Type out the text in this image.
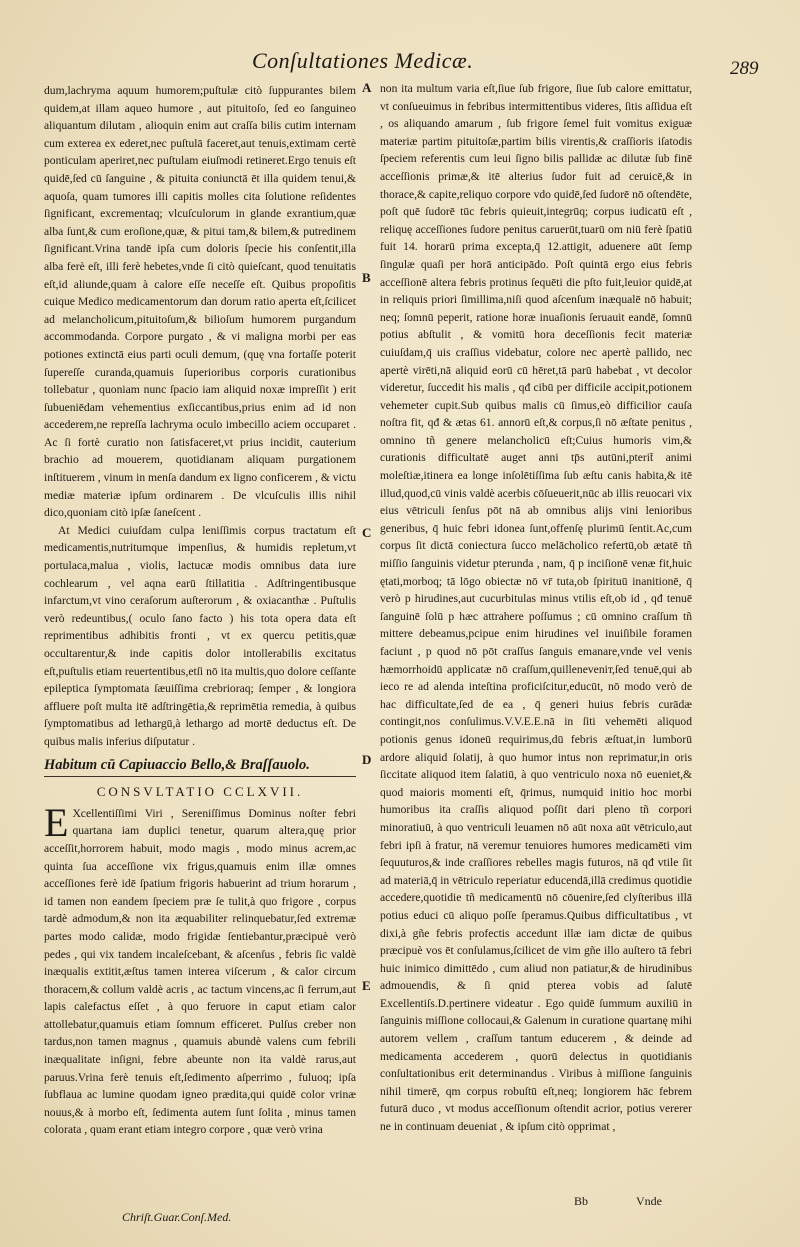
Conſultationes Medicæ.	289

dum,lachryma aquum humorem;puſtulæ citò ſuppurantes bilem quidem,at illam aqueo humore , aut pituitoſo, ſed eo ſanguineo aliquantum dilutam , alioquin enim aut craſſa bilis cutim internam cum exterea ex ederet,nec puſtulā faceret,aut tenuis,extimam certè ponticulam aperiret,nec puſtulam eiuſmodi retineret.Ergo tenuis eſt quidē,ſed cū ſanguine , & pituita coniunctā ēt illa quidem tenui,& aquoſa, quam tumores illi capitis molles cita ſolutione reſidentes ſignificant, excrementaq; vlcuſculorum in glande exrantium,quæ alba ſunt,& cum eroſione,quæ, & pitui tam,& bilem,& putredinem ſignificant.Vrina tandē ipſa cum doloris ſpecie his conſentit,illa alba ferè eſt, illi ferè hebetes,vnde ſi citò quieſcant, quod tenuitatis eſt,id aliunde,quam à calore eſſe neceſſe eſt. Quibus propoſitis cuique Medico medicamentorum dan dorum ratio aperta eſt,ſcilicet ad melancholicum,pituitoſum,& bilioſum humorem purgandum accommodanda. Corpore purgato , & vi maligna morbi per eas potiones extinctā eius parti oculi demum, (quę vna fortaſſe poterit ſupereſſe curanda,quamuis ſuperioribus corporis curationibus tollebatur , quoniam nunc ſpacio iam aliquid noxæ impreſſit ) erit ſubueniēdam vehementius exſiccantibus,prius enim ad id non accederem,ne repreſſa lachryma oculo imbecillo aciem occuparet . Ac ſi fortè curatio non ſatisfaceret,vt prius incidit, cauterium brachio ad mouerem, quotidianam aliquam purgationem inſtituerem , vinum in menſa dandum ex ligno conficerem , & victu mediæ materiæ ipſum ordinarem . De vlcuſculis illis nihil dico,quoniam citò ipſæ ſaneſcent .

At Medici cuiuſdam culpa leniſſimis corpus tractatum eſt medicamentis,nutritumque impenſius, & humidis repletum,vt portulaca,malua , violis, lactucæ modis omnibus data iure cochlearum , vel aqna earū ſtillatitia . Adſtringentibusque infarctum,vt vino ceraſorum auſterorum , & oxiacanthæ . Puſtulis verò redeuntibus,( oculo ſano facto ) his tota opera data eſt reprimentibus adhibitis fronti , vt ex quercu petitis,quæ occultarentur,& inde capitis dolor intollerabilis excitatus eſt,puſtulis etiam reuertentibus,etſi nō ita multis,quo dolore ceſſante epileptica ſymptomata ſæuiſſima crebrioraq; ſemper , & longiora affluere poſt multa itē adſtringētia,& reprimētia remedia, à quibus ſymptomatibus ad lethargū,à lethargo ad mortē deductus eſt. De quibus malis inferius diſputatur .

Habitum cū Capiuaccio Bello,& Braſſauolo.
CONSVLTATIO CCLXVII.

E Xcellentiſſimi Viri , Sereniſſimus Dominus noſter febri quartana iam duplici tenetur, quarum altera,quę prior acceſſit,horrorem habuit, modo magis , modo minus acrem,ac quinta ſua acceſſione vix frigus,quamuis enim illæ omnes acceſſiones ferè idē ſpatium frigoris habuerint ad trium horarum , id tamen non eandem ſpeciem præ ſe tulit,à quo frigore , corpus tardè admodum,& non ita æquabiliter relinquebatur,ſed extremæ partes modo calidæ, modo frigidæ ſentiebantur,præcipuè verò pedes , qui vix tandem incaleſcebant, & aſcenſus , febris ſic valdè inæqualis extitit,æſtus tamen interea viſcerum , & calor circum thoracem,& collum valdè acris , ac tactum vincens,ac ſi ferrum,aut lapis calefactus eſſet , à quo feruore in caput etiam calor attollebatur,quamuis etiam ſomnum efficeret. Pulſus creber non tardus,non tamen magnus , quamuis abundè valens cum febrili inæqualitate inſigni, febre abeunte non ita valdè rarus,aut paruus.Vrina ferè tenuis eſt,ſedimento aſperrimo , fuluoq; ipſa ſubflaua ac lumine quodam igneo prædita,qui quidē color vrinæ nouus,& à morbo eſt, ſedimenta autem ſunt ſolita , minus tamen colorata , quam erant etiam integro corpore , quæ verò vrina

A
B
C
D
E

non ita multum varia eſt,ſiue ſub frigore, ſiue ſub calore emittatur, vt conſueuimus in febribus intermittentibus videres, ſitis aſſidua eſt , os aliquando amarum , ſub frigore ſemel fuit vomitus exiguæ materiæ partim pituitoſæ,partim bilis virentis,& craſſioris iſatodis ſpeciem referentis cum leui ſigno bilis pallidæ ac dilutæ ſub finē acceſſionis primæ,& itē alterius ſudor fuit ad ceruicē,& in thorace,& capite,reliquo corpore vdo quidē,ſed ſudorē nō oſtendēte, poſt quē ſudorē tūc febris quieuit,integrūq; corpus iudicatū eſt , reliquę acceſſiones ſudore penitus caruerūt,tuarū om niū ferè ſpatiū fuit 14. horarū prima excepta,q̄ 12.attigit, aduenere aūt ſemp ſingulæ quaſi per horā anticipādo. Poſt quintā ergo eius febris acceſſionē altera febris protinus ſequēti die pſto fuit,leuior quidē,at in reliquis priori ſimillima,niſi quod aſcenſum inæqualē nō habuit; neq; ſomnū peperit, ratione horæ inuaſionis ſeruauit eandē, ſomnū potius abſtulit , & vomitū hora deceſſionis fecit materiæ cuiuſdam,q̄ uis craſſius videbatur, colore nec apertè pallido, nec apertè virēti,nā aliquid eorū cū hēret,tā parū habebat , vt decolor videretur, ſuccedit his malis , qđ cibū per difficile accipit,potionem vehemeter cupit.Sub quibus malis cū ſimus,eò difficilior cauſa noſtra fit, qđ & ætas 61. annorū eſt,& corpus,ſi nō æſtate penitus , omnino tñ genere melancholicū eſt;Cuius humoris vim,& curationis difficultatē auget anni tp̄s autūni,pterit̄ animi moleſtiæ,itinera ea longe inſolētiſſima ſub æſtu canis habita,& itē illud,quod,cū vinis valdè acerbis cōſueuerit,nūc ab illis reuocari vix eius vētriculi ſenſus pōt nā ab omnibus alijs vini lenioribus generibus, q̄ huic febri idonea ſunt,offenſę plurimū ſentit.Ac,cum corpus ſit dictā coniectura ſucco melācholico refertū,ob ætatē tñ miſſio ſanguinis videtur pterunda , nam, q̄ p inciſionē venæ fit,huic ętati,morboq; tā lōgo obiectæ nō vr̄ tuta,ob ſpirituū inanitionē, q̄ verò p hirudines,aut cucurbitulas minus vtilis eſt,ob id , qđ tenuē ſanguinē ſolū p hæc attrahere poſſumus ; cū omnino craſſum tñ mittere debeamus,pcipue enim hirudines vel inuiſibile foramen faciunt , p quod nō pōt craſſus ſanguis emanare,vnde vel venis hæmorrhoidū applicatæ nō craſſum,quilleneveniт,ſed tenuē,qui ab ieco re ad alenda inteſtina proficiſcitur,educūt, nō modo verò de hac difficultate,ſed de ea , q̄ generi huius febris curādæ contingit,nos conſulimus.V.V.E.E.nā in ſiti vehemēti aliquod potionis genus idoneū requirimus,dū febris æſtuat,in lumborū ardore aliquid ſolatij, à quo humor intus non reprimatur,in oris ſiccitate aliquod item ſalatiū, à quo ventriculo noxa nō eueniet,& quod maioris momenti eſt, q̄rimus, numquid initio hoc morbi humoribus ita craſſis aliquod poſſit dari pleno tñ corpori minoratiuū, à quo ventriculi leuamen nō aūt noxa aūt vētriculo,aut febri ipſi à fratur, nā veremur tenuiores humores medicamēti vim ſequuturos,& inde craſſiores rebelles magis futuros, nā qđ vtile ſit ad materiā,q̄ in vētriculo reperiatur educendā,illā credimus quotidie accedere,quotidie tñ medicamentū nō cōuenire,ſed clyſteribus illā potius educi cū aliquo poſſe ſperamus.Quibus difficultatibus , vt dixi,à gñe febris profectis accedunt illæ iam dictæ de quibus præcipuè vos ēt conſulamus,ſcilicet de vim gñe illo auſtero tā febri huic inimico dimittēdo , cum aliud non patiatur,& de hirudinibus admouendis, & ſi qnid pterea vobis ad ſalutē Excellentiſs.D.pertinere videatur . Ego quidē ſummum auxiliū in ſanguinis miſſione collocaui,& Galenum in curatione quartanę mihi autorem vellem , craſſum tantum educerem , & deinde ad medicamenta accederem , quorū delectus in quotidianis conſultationibus erit determinandus . Viribus à miſſione ſanguinis nihil timerē, qm corpus robuſtū eſt,neq; longiorem hāc febrem futurā duco , vt modus acceſſionum oſtendit acrior, potius vererer ne in continuam deueniat , & ipſum citò opprimat ,

Chriſt.Guar.Conſ.Med.
Bb	Vnde
